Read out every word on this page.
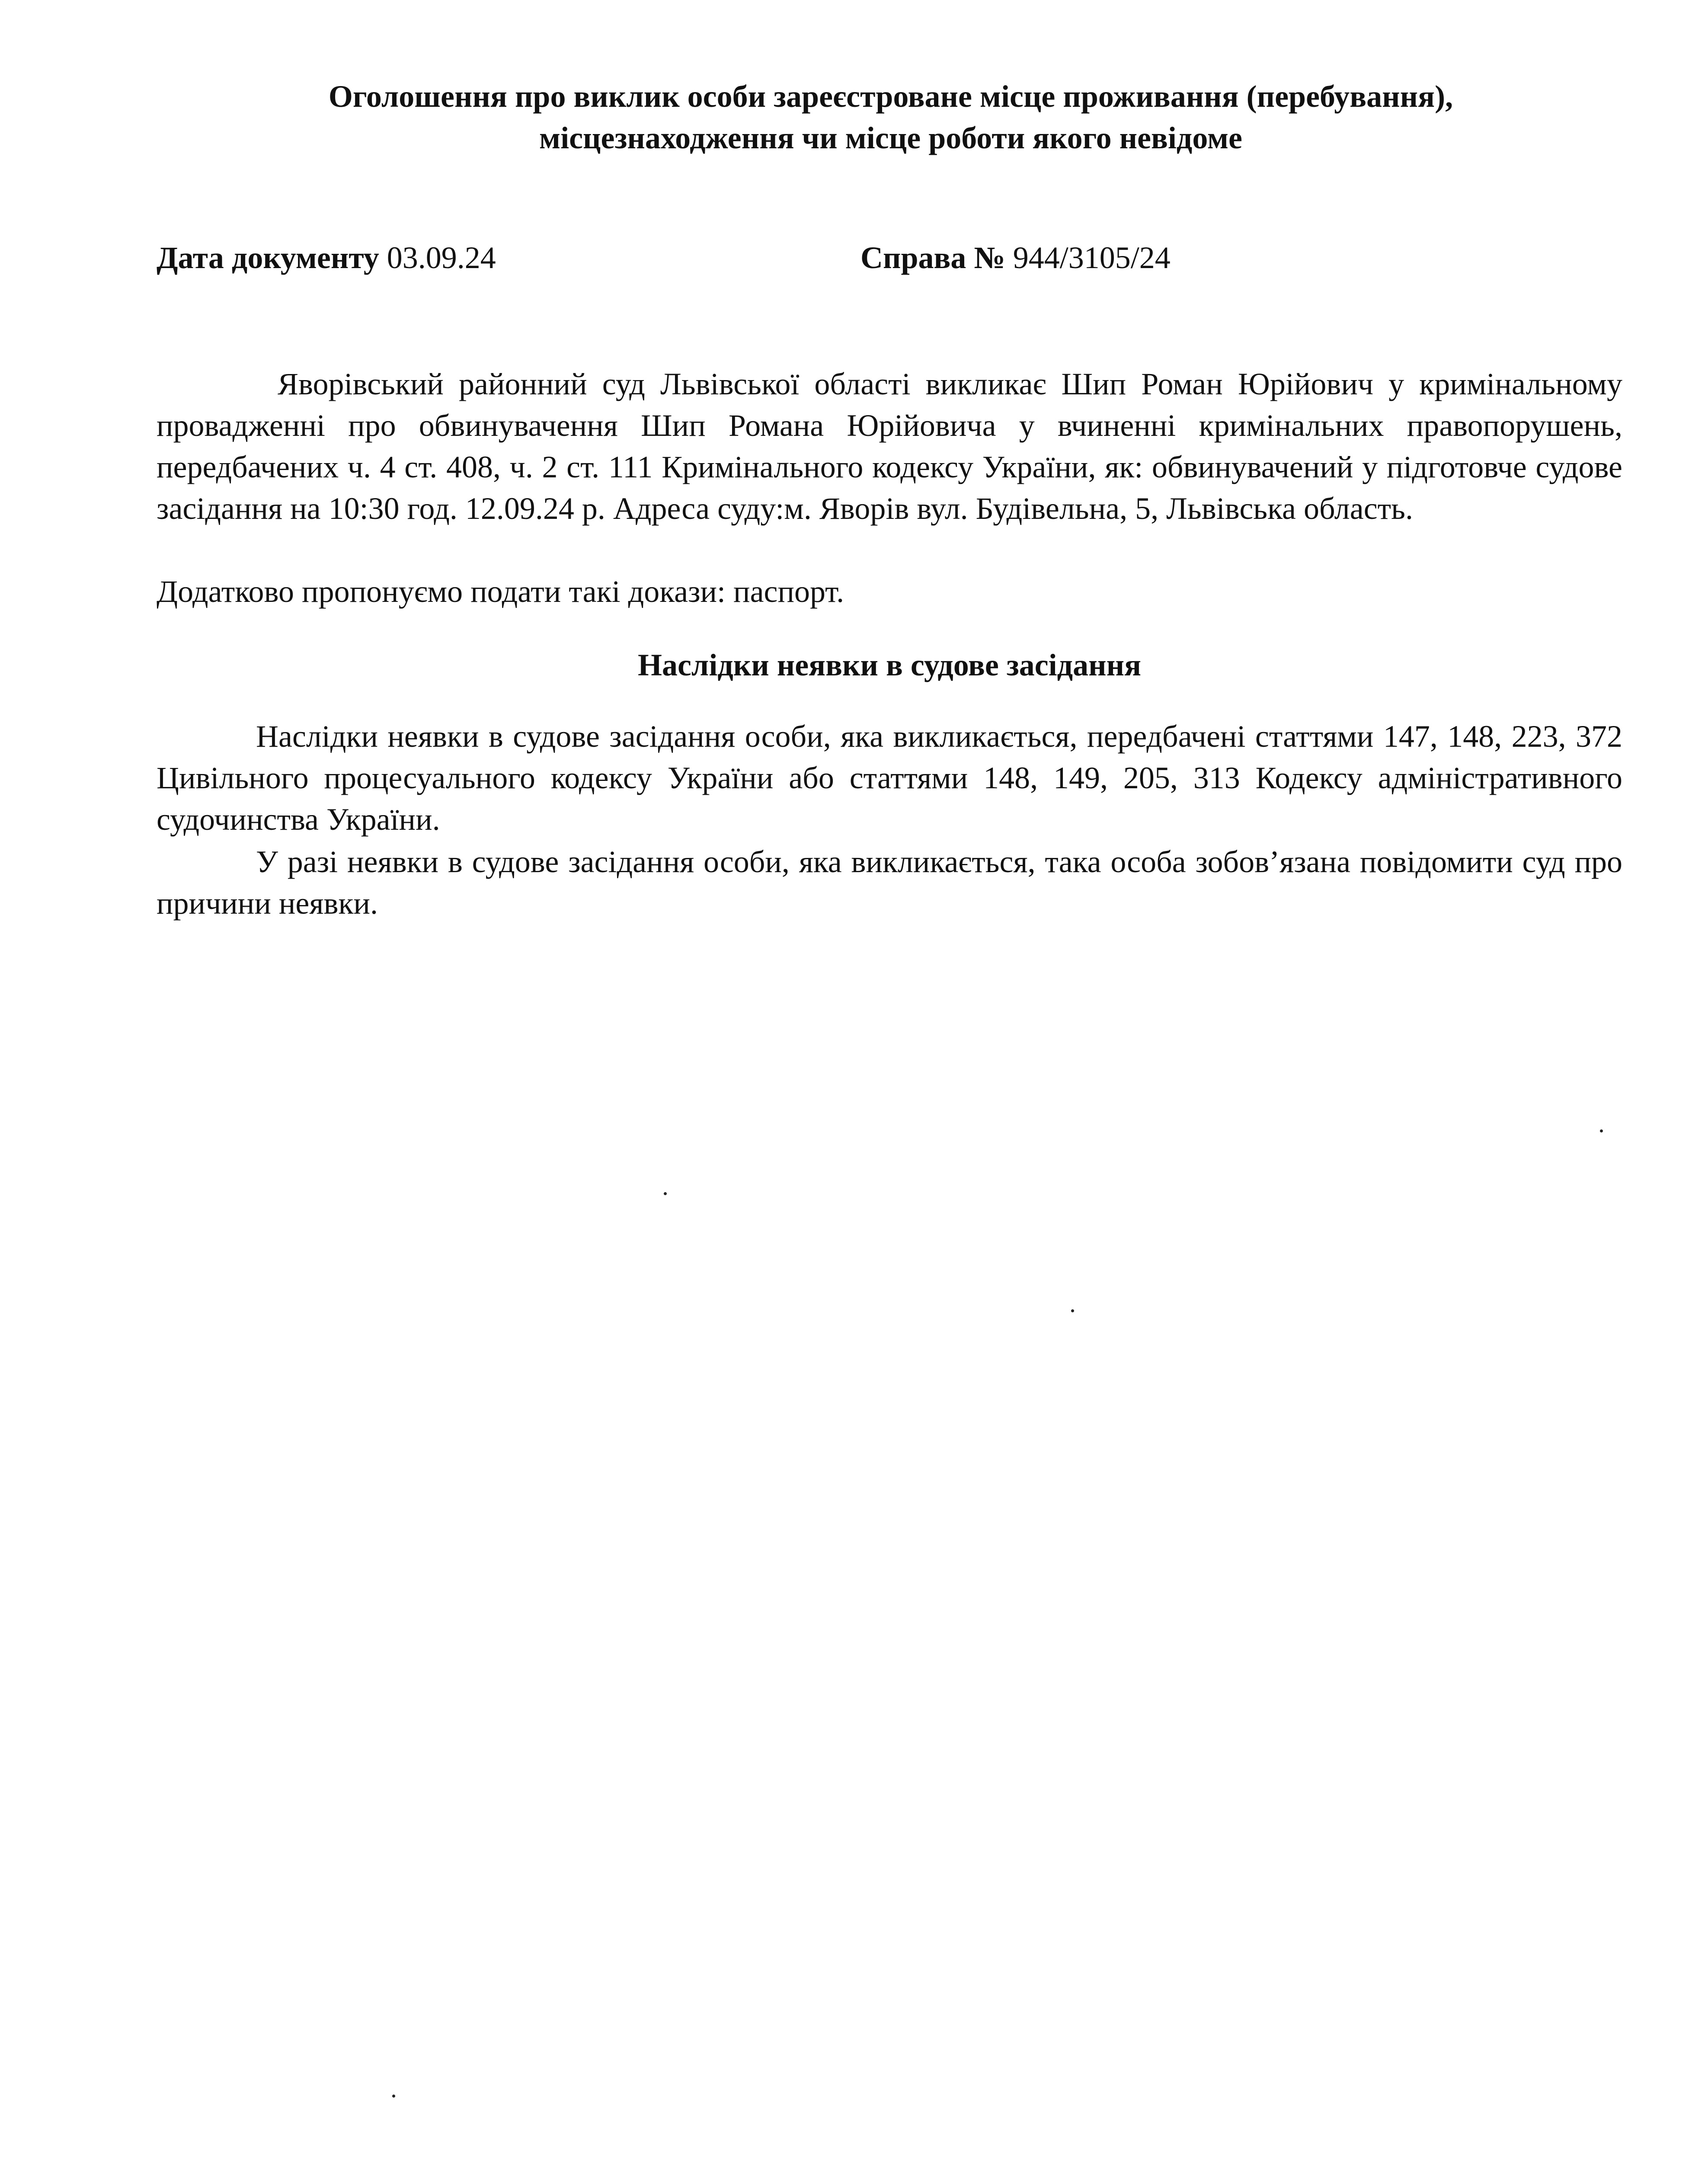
Оголошення про виклик особи зареєстроване місце проживання (перебування),
місцезнаходження чи місце роботи якого невідоме
Дата документу 03.09.24	Справа № 944/3105/24
Яворівський районний суд Львівської області викликає Шип Роман Юрійович у кримінальному провадженні про обвинувачення Шип Романа Юрійовича у вчиненні кримінальних правопорушень, передбачених ч. 4 ст. 408, ч. 2 ст. 111 Кримінального кодексу України, як: обвинувачений у підготовче судове засідання на 10:30 год. 12.09.24 р. Адреса суду:м. Яворів вул. Будівельна, 5, Львівська область.
Додатково пропонуємо подати такі докази: паспорт.
Наслідки неявки в судове засідання
Наслідки неявки в судове засідання особи, яка викликається, передбачені статтями 147, 148, 223, 372 Цивільного процесуального кодексу України або статтями 148, 149, 205, 313 Кодексу адміністративного судочинства України.
У разі неявки в судове засідання особи, яка викликається, така особа зобов’язана повідомити суд про причини неявки.
